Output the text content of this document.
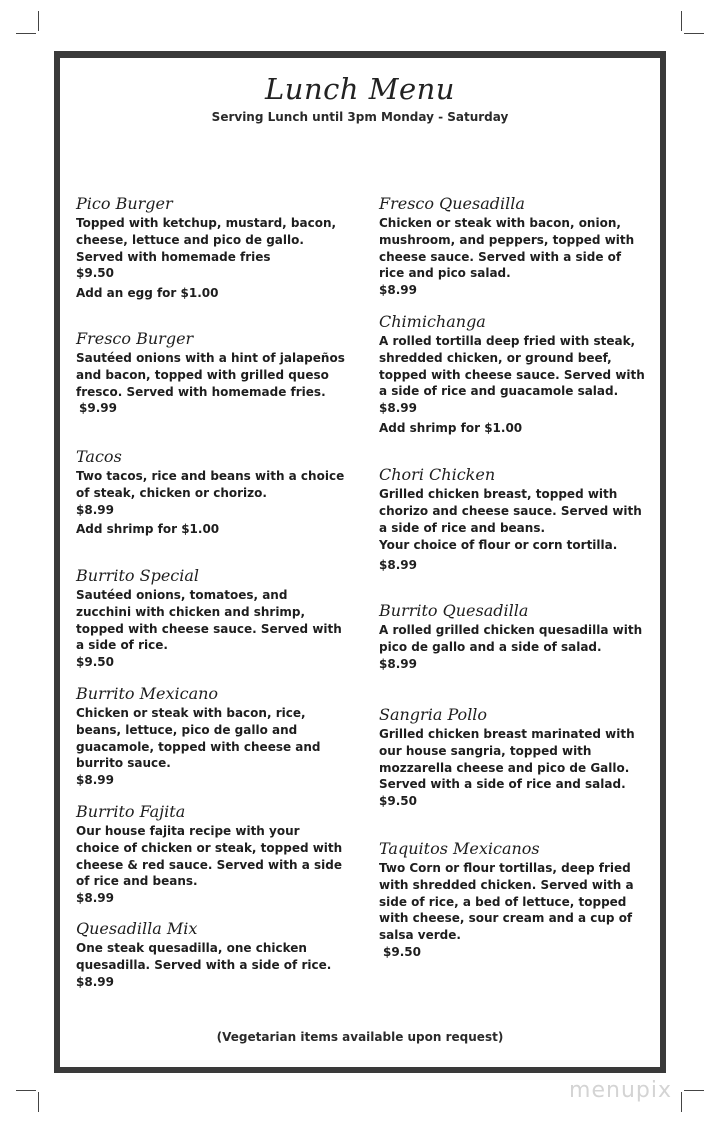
Lunch Menu
Serving Lunch until 3pm Monday - Saturday
Pico Burger
Topped with ketchup, mustard, bacon, cheese, lettuce and pico de gallo. Served with homemade fries
$9.50
Add an egg for $1.00
Fresco Burger
Sautéed onions with a hint of jalapeños and bacon, topped with grilled queso fresco. Served with homemade fries.
$9.99
Tacos
Two tacos, rice and beans with a choice of steak, chicken or chorizo.
$8.99
Add shrimp for $1.00
Burrito Special
Sautéed onions, tomatoes, and zucchini with chicken and shrimp, topped with cheese sauce. Served with a side of rice.
$9.50
Burrito Mexicano
Chicken or steak with bacon, rice, beans, lettuce, pico de gallo and guacamole, topped with cheese and burrito sauce.
$8.99
Burrito Fajita
Our house fajita recipe with your choice of chicken or steak, topped with cheese & red sauce. Served with a side of rice and beans.
$8.99
Quesadilla Mix
One steak quesadilla, one chicken quesadilla. Served with a side of rice.
$8.99
Fresco Quesadilla
Chicken or steak with bacon, onion, mushroom, and peppers, topped with cheese sauce. Served with a side of rice and pico salad.
$8.99
Chimichanga
A rolled tortilla deep fried with steak, shredded chicken, or ground beef, topped with cheese sauce. Served with a side of rice and guacamole salad.
$8.99
Add shrimp for $1.00
Chori Chicken
Grilled chicken breast, topped with chorizo and cheese sauce. Served with a side of rice and beans.
Your choice of flour or corn tortilla.
$8.99
Burrito Quesadilla
A rolled grilled chicken quesadilla with pico de gallo and a side of salad.
$8.99
Sangria Pollo
Grilled chicken breast marinated with our house sangria, topped with mozzarella cheese and pico de Gallo. Served with a side of rice and salad.
$9.50
Taquitos Mexicanos
Two Corn or flour tortillas, deep fried with shredded chicken. Served with a side of rice, a bed of lettuce, topped with cheese, sour cream and a cup of salsa verde.
$9.50
(Vegetarian items available upon request)
menupix
